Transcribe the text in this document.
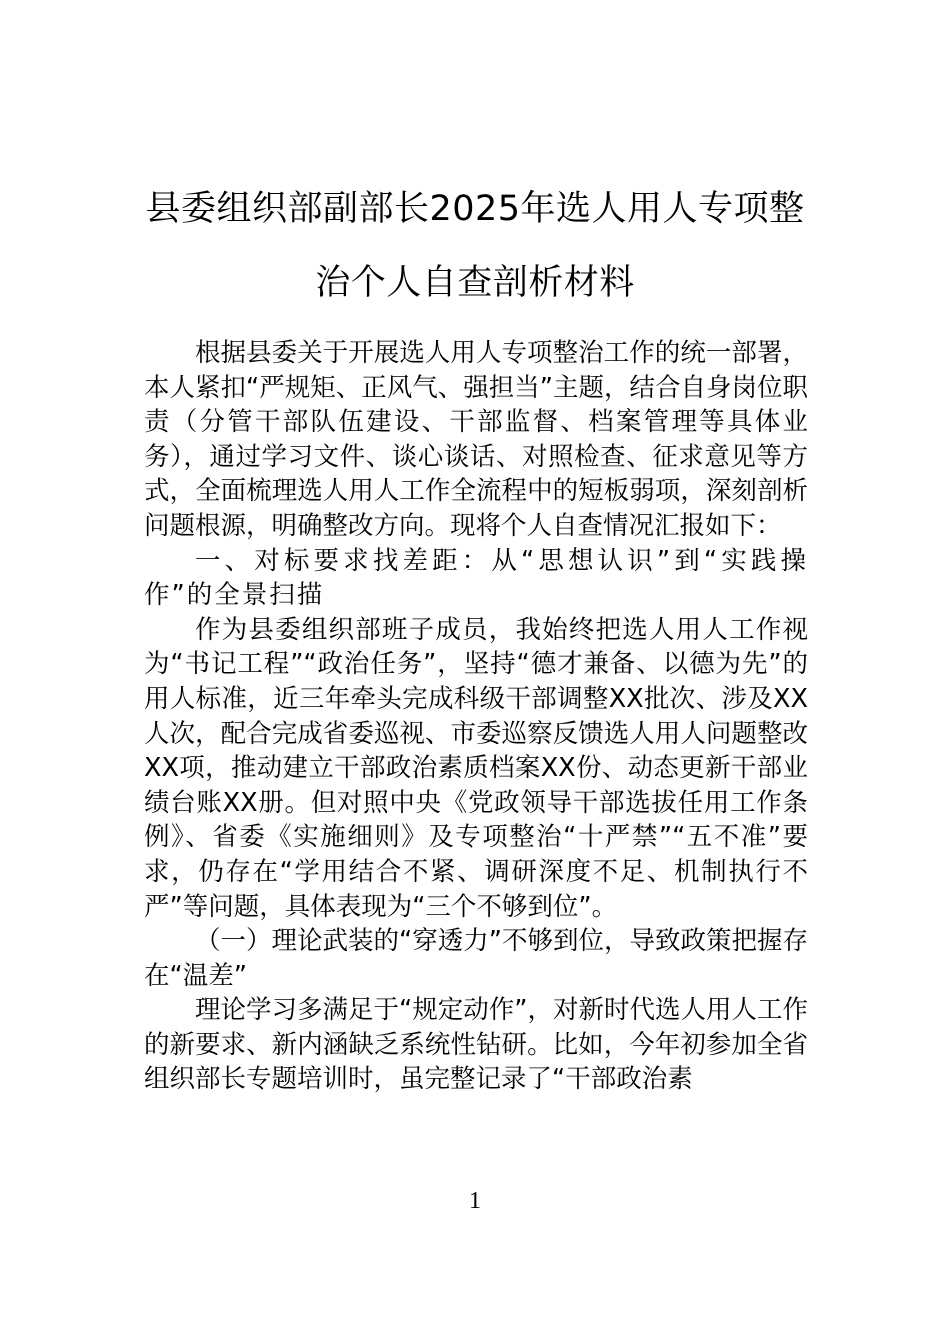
县委组织部副部长2025年选人用人专项整
治个人自查剖析材料

根据县委关于开展选人用人专项整治工作的统一部署，本人紧扣“严规矩、正风气、强担当”主题，结合自身岗位职责（分管干部队伍建设、干部监督、档案管理等具体业务），通过学习文件、谈心谈话、对照检查、征求意见等方式，全面梳理选人用人工作全流程中的短板弱项，深刻剖析问题根源，明确整改方向。现将个人自查情况汇报如下：

一、对标要求找差距：从“思想认识”到“实践操作”的全景扫描

作为县委组织部班子成员，我始终把选人用人工作视为“书记工程”“政治任务”，坚持“德才兼备、以德为先”的用人标准，近三年牵头完成科级干部调整XX批次、涉及XX人次，配合完成省委巡视、市委巡察反馈选人用人问题整改XX项，推动建立干部政治素质档案XX份、动态更新干部业绩台账XX册。但对照中央《党政领导干部选拔任用工作条例》、省委《实施细则》及专项整治“十严禁”“五不准”要求，仍存在“学用结合不紧、调研深度不足、机制执行不严”等问题，具体表现为“三个不够到位”。

（一）理论武装的“穿透力”不够到位，导致政策把握存在“温差”

理论学习多满足于“规定动作”，对新时代选人用人工作的新要求、新内涵缺乏系统性钻研。比如，今年初参加全省组织部长专题培训时，虽完整记录了“干部政治素

1
